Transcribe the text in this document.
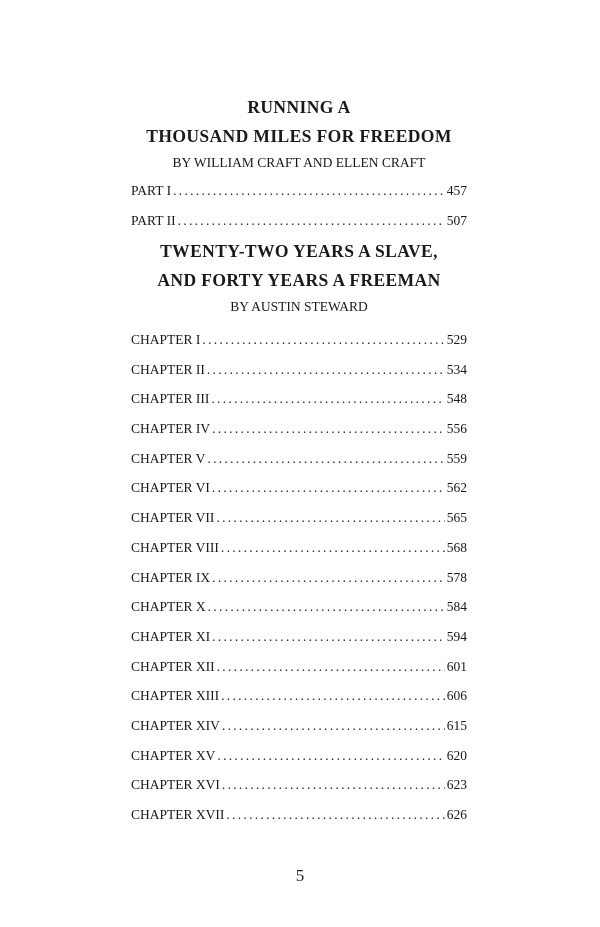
RUNNING A
THOUSAND MILES FOR FREEDOM

BY WILLIAM CRAFT AND ELLEN CRAFT

PART I .....	457
PART II .....	507
TWENTY-TWO YEARS A SLAVE,
AND FORTY YEARS A FREEMAN

BY AUSTIN STEWARD

CHAPTER I .....	529
CHAPTER II .....	534
CHAPTER III .....	548
CHAPTER IV .....	556
CHAPTER V .....	559
CHAPTER VI .....	562
CHAPTER VII .....	565
CHAPTER VIII .....	568
CHAPTER IX .....	578
CHAPTER X .....	584
CHAPTER XI .....	594
CHAPTER XII .....	601
CHAPTER XIII .....	606
CHAPTER XIV .....	615
CHAPTER XV .....	620
CHAPTER XVI .....	623
CHAPTER XVII .....	626
5
